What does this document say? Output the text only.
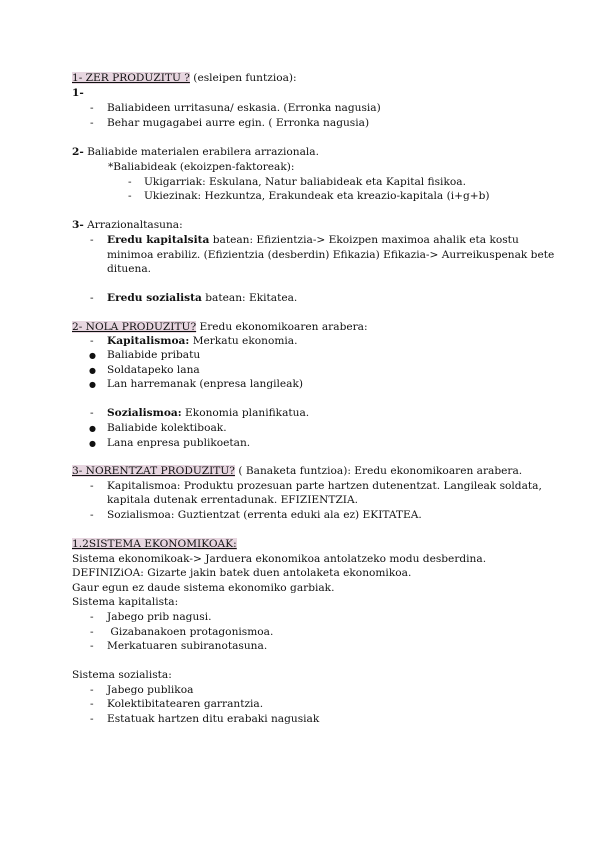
1- ZER PRODUZITU ? (esleipen funtzioa):
1-
- Baliabideen urritasuna/ eskasia. (Erronka nagusia)
- Behar mugagabei aurre egin. ( Erronka nagusia)
2- Baliabide materialen erabilera arrazionala.
*Baliabideak (ekoizpen-faktoreak):
- Ukigarriak: Eskulana, Natur baliabideak eta Kapital fisikoa.
- Ukiezinak: Hezkuntza, Erakundeak eta kreazio-kapitala (i+g+b)
3- Arrazionaltasuna:
- Eredu kapitalsita batean: Efizientzia-> Ekoizpen maximoa ahalik eta kostu
minimoa erabiliz. (Efizientzia (desberdin) Efikazia) Efikazia-> Aurreikuspenak bete
dituena.
- Eredu sozialista batean: Ekitatea.
2- NOLA PRODUZITU? Eredu ekonomikoaren arabera:
- Kapitalismoa: Merkatu ekonomia.
● Baliabide pribatu
● Soldatapeko lana
● Lan harremanak (enpresa langileak)
- Sozialismoa: Ekonomia planifikatua.
● Baliabide kolektiboak.
● Lana enpresa publikoetan.
3- NORENTZAT PRODUZITU? ( Banaketa funtzioa): Eredu ekonomikoaren arabera.
- Kapitalismoa: Produktu prozesuan parte hartzen dutenentzat. Langileak soldata,
kapitala dutenak errentadunak. EFIZIENTZIA.
- Sozialismoa: Guztientzat (errenta eduki ala ez) EKITATEA.
1.2SISTEMA EKONOMIKOAK:
Sistema ekonomikoak-> Jarduera ekonomikoa antolatzeko modu desberdina.
DEFINIZiOA: Gizarte jakin batek duen antolaketa ekonomikoa.
Gaur egun ez daude sistema ekonomiko garbiak.
Sistema kapitalista:
- Jabego prib nagusi.
- Gizabanakoen protagonismoa.
- Merkatuaren subiranotasuna.
Sistema sozialista:
- Jabego publikoa
- Kolektibitatearen garrantzia.
- Estatuak hartzen ditu erabaki nagusiak
